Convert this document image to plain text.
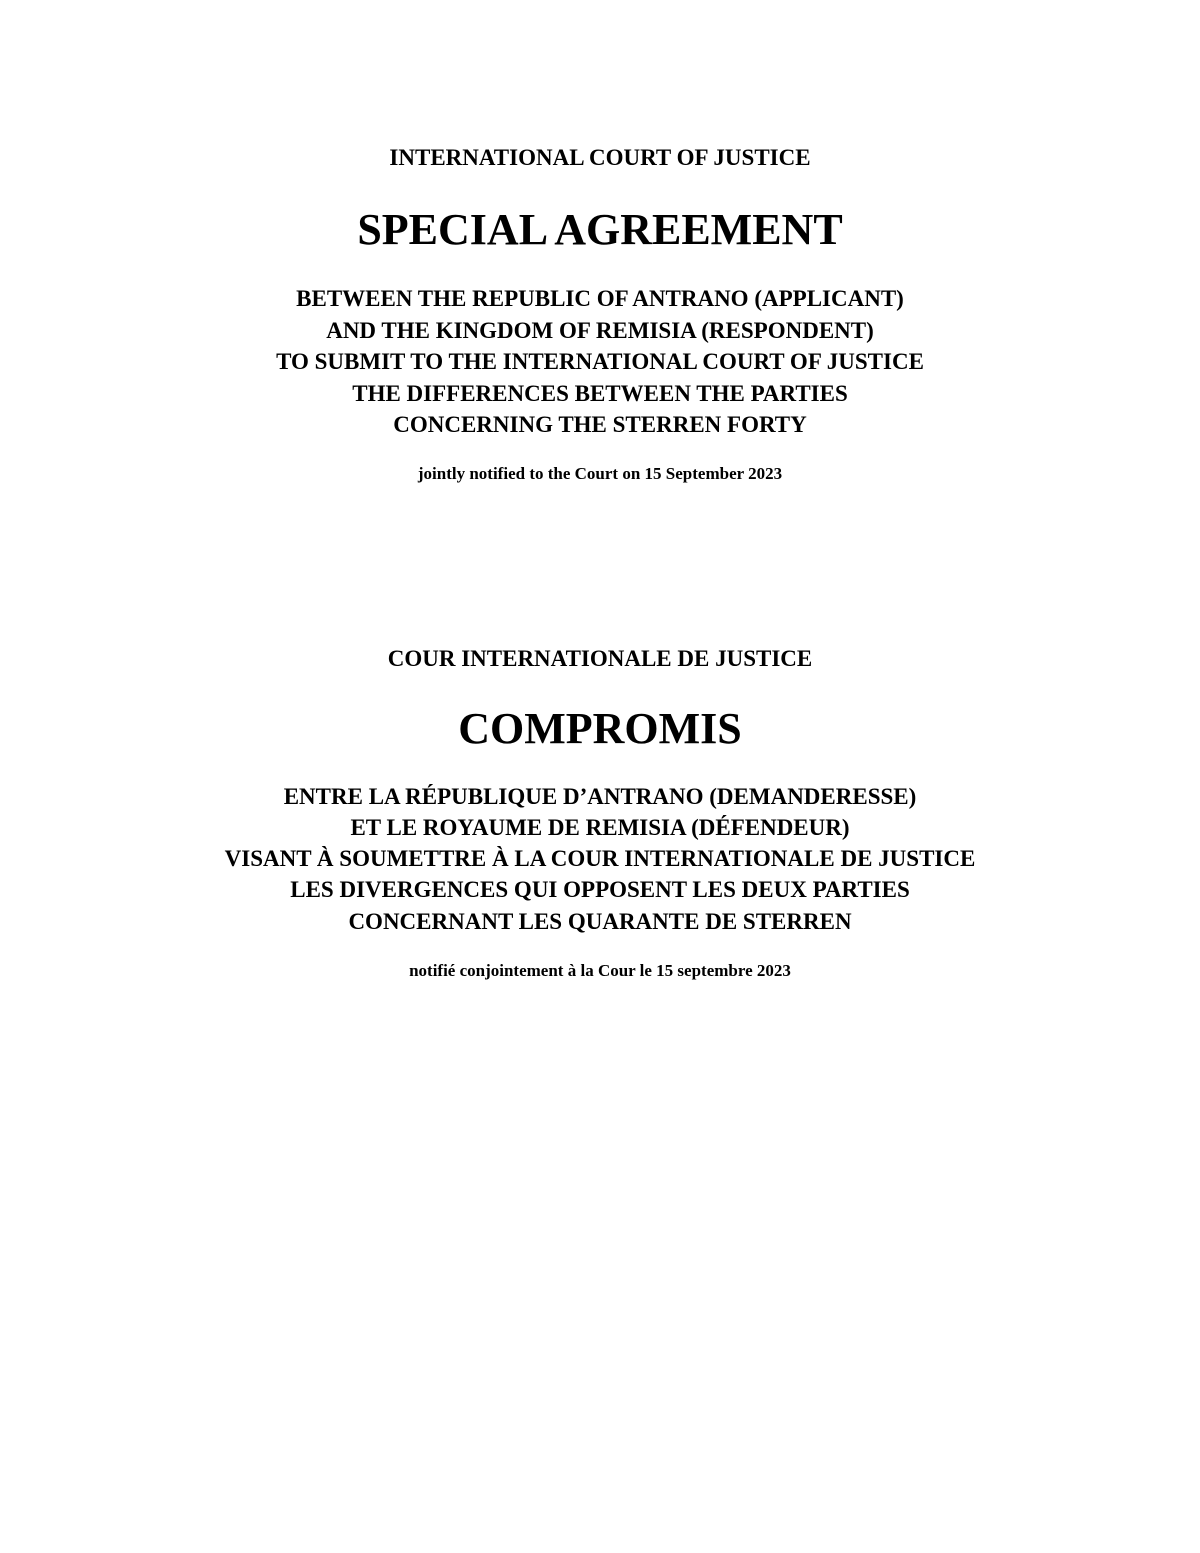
INTERNATIONAL COURT OF JUSTICE
SPECIAL AGREEMENT
BETWEEN THE REPUBLIC OF ANTRANO (APPLICANT)
AND THE KINGDOM OF REMISIA (RESPONDENT)
TO SUBMIT TO THE INTERNATIONAL COURT OF JUSTICE
THE DIFFERENCES BETWEEN THE PARTIES
CONCERNING THE STERREN FORTY
jointly notified to the Court on 15 September 2023
COUR INTERNATIONALE DE JUSTICE
COMPROMIS
ENTRE LA RÉPUBLIQUE D’ANTRANO (DEMANDERESSE)
ET LE ROYAUME DE REMISIA (DÉFENDEUR)
VISANT À SOUMETTRE À LA COUR INTERNATIONALE DE JUSTICE
LES DIVERGENCES QUI OPPOSENT LES DEUX PARTIES
CONCERNANT LES QUARANTE DE STERREN
notifié conjointement à la Cour le 15 septembre 2023
